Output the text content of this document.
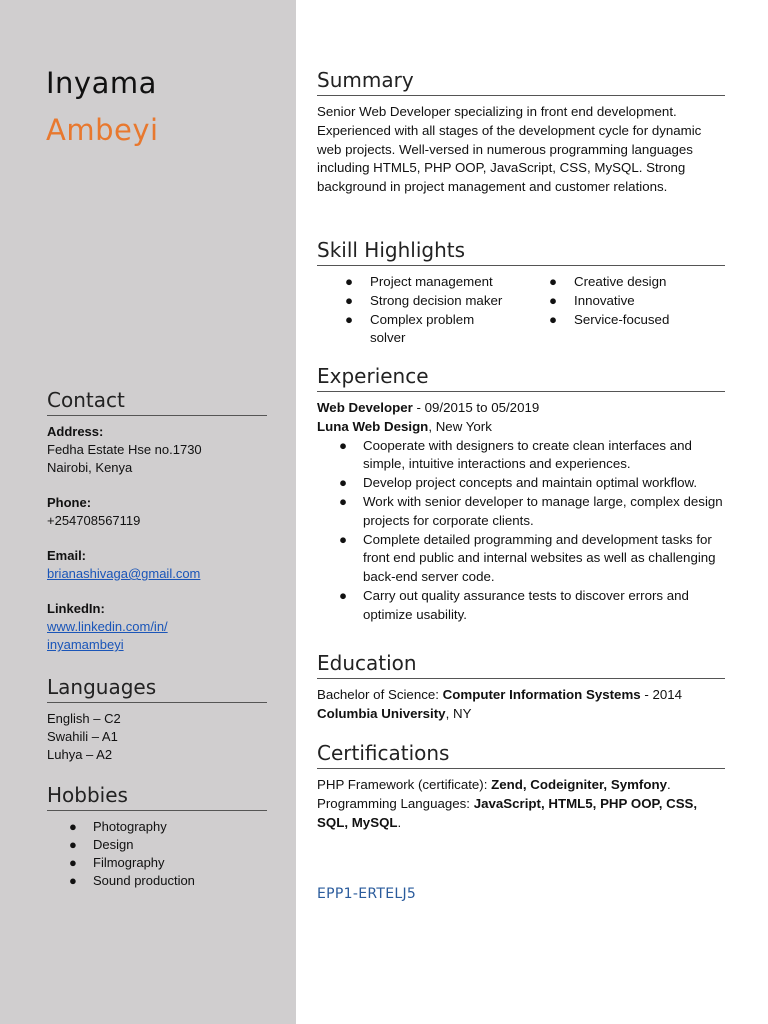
Inyama
Ambeyi
Contact
Address:
Fedha Estate Hse no.1730
Nairobi, Kenya
Phone:
+254708567119
Email:
brianashivaga@gmail.com
LinkedIn:
www.linkedin.com/in/
inyamambeyi
Languages
English – C2
Swahili – A1
Luhya – A2
Hobbies
● Photography
● Design
● Filmography
● Sound production
Summary
Senior Web Developer specializing in front end development. Experienced with all stages of the development cycle for dynamic web projects. Well-versed in numerous programming languages including HTML5, PHP OOP, JavaScript, CSS, MySQL. Strong background in project management and customer relations.
Skill Highlights
● Project management
● Strong decision maker
● Complex problem solver
● Creative design
● Innovative
● Service-focused
Experience
Web Developer - 09/2015 to 05/2019
Luna Web Design, New York
● Cooperate with designers to create clean interfaces and simple, intuitive interactions and experiences.
● Develop project concepts and maintain optimal workflow.
● Work with senior developer to manage large, complex design projects for corporate clients.
● Complete detailed programming and development tasks for front end public and internal websites as well as challenging back-end server code.
● Carry out quality assurance tests to discover errors and optimize usability.
Education
Bachelor of Science: Computer Information Systems - 2014
Columbia University, NY
Certifications
PHP Framework (certificate): Zend, Codeigniter, Symfony.
Programming Languages: JavaScript, HTML5, PHP OOP, CSS, SQL, MySQL.
EPP1-ERTELJ5
